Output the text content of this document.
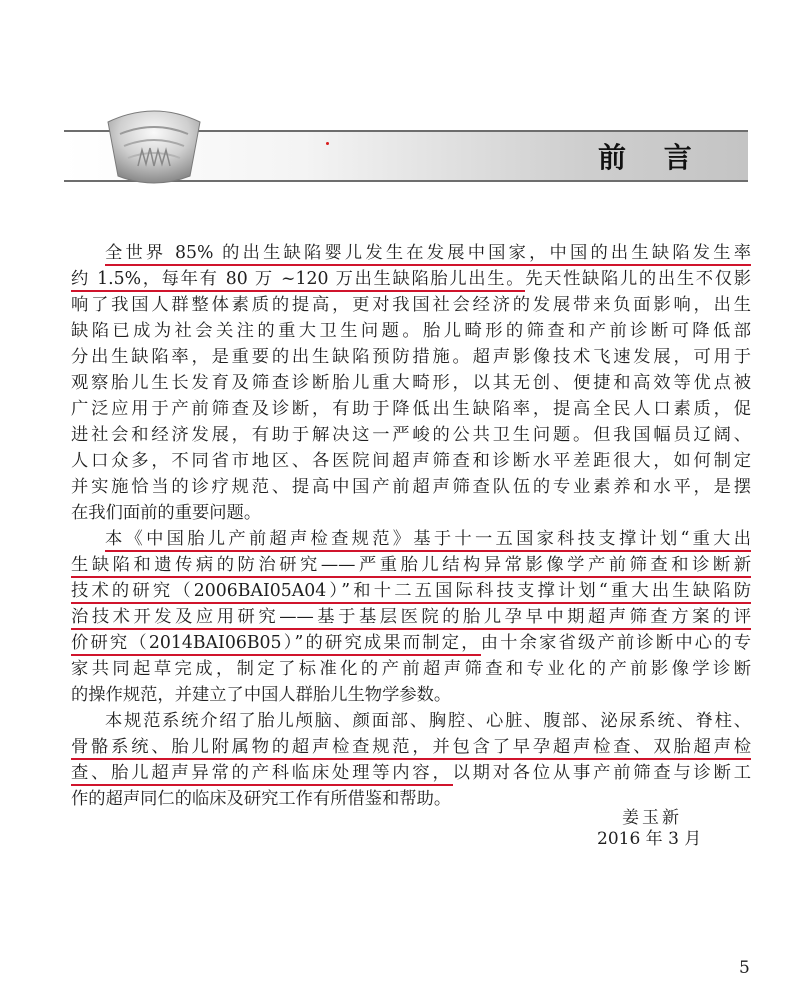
前 言
全世界 85% 的出生缺陷婴儿发生在发展中国家，中国的出生缺陷发生率
约 1.5%，每年有 80 万 ~120 万出生缺陷胎儿出生。先天性缺陷儿的出生不仅影
响了我国人群整体素质的提高，更对我国社会经济的发展带来负面影响，出生
缺陷已成为社会关注的重大卫生问题。胎儿畸形的筛查和产前诊断可降低部
分出生缺陷率，是重要的出生缺陷预防措施。超声影像技术飞速发展，可用于
观察胎儿生长发育及筛查诊断胎儿重大畸形，以其无创、便捷和高效等优点被
广泛应用于产前筛查及诊断，有助于降低出生缺陷率，提高全民人口素质，促
进社会和经济发展，有助于解决这一严峻的公共卫生问题。但我国幅员辽阔、
人口众多，不同省市地区、各医院间超声筛查和诊断水平差距很大，如何制定
并实施恰当的诊疗规范、提高中国产前超声筛查队伍的专业素养和水平，是摆
在我们面前的重要问题。
本《中国胎儿产前超声检查规范》基于十一五国家科技支撑计划“重大出
生缺陷和遗传病的防治研究——严重胎儿结构异常影像学产前筛查和诊断新
技术的研究（2006BAI05A04）”和十二五国际科技支撑计划“重大出生缺陷防
治技术开发及应用研究——基于基层医院的胎儿孕早中期超声筛查方案的评
价研究（2014BAI06B05）”的研究成果而制定，由十余家省级产前诊断中心的专
家共同起草完成，制定了标准化的产前超声筛查和专业化的产前影像学诊断
的操作规范，并建立了中国人群胎儿生物学参数。
本规范系统介绍了胎儿颅脑、颜面部、胸腔、心脏、腹部、泌尿系统、脊柱、
骨骼系统、胎儿附属物的超声检查规范，并包含了早孕超声检查、双胎超声检
查、胎儿超声异常的产科临床处理等内容，以期对各位从事产前筛查与诊断工
作的超声同仁的临床及研究工作有所借鉴和帮助。
姜玉新
2016 年 3 月
5
